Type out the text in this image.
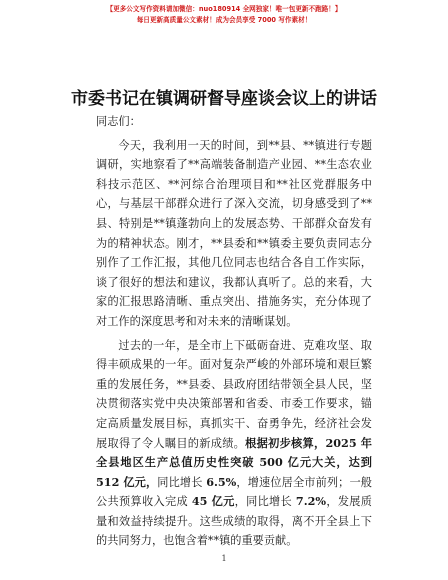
【更多公文写作资料请加微信：nuo180914 全网独家！唯一包更新不跑路！】
每日更新高质量公文素材！成为会员享受 7000 写作素材！
市委书记在镇调研督导座谈会议上的讲话

同志们：

今天，我利用一天的时间，到**县、**镇进行专题调研，实地察看了**高端装备制造产业园、**生态农业科技示范区、**河综合治理项目和**社区党群服务中心，与基层干部群众进行了深入交流，切身感受到了**县、特别是**镇蓬勃向上的发展态势、干部群众奋发有为的精神状态。刚才，**县委和**镇委主要负责同志分别作了工作汇报，其他几位同志也结合各自工作实际，谈了很好的想法和建议，我都认真听了。总的来看，大家的汇报思路清晰、重点突出、措施务实，充分体现了对工作的深度思考和对未来的清晰谋划。

过去的一年，是全市上下砥砺奋进、克难攻坚、取得丰硕成果的一年。面对复杂严峻的外部环境和艰巨繁重的发展任务，**县委、县政府团结带领全县人民，坚决贯彻落实党中央决策部署和省委、市委工作要求，锚定高质量发展目标，真抓实干、奋勇争先，经济社会发展取得了令人瞩目的新成绩。根据初步核算，2025 年全县地区生产总值历史性突破 500 亿元大关，达到 512 亿元，同比增长 6.5%，增速位居全市前列；一般公共预算收入完成 45 亿元，同比增长 7.2%，发展质量和效益持续提升。这些成绩的取得，离不开全县上下的共同努力，也饱含着**镇的重要贡献。

1
